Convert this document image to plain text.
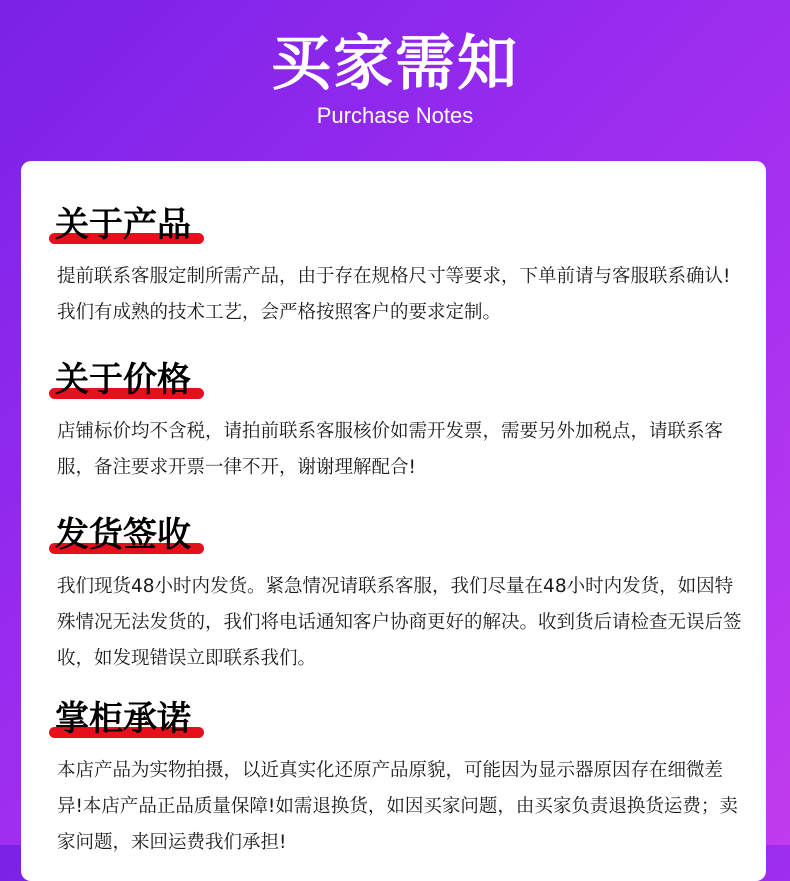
买家需知
Purchase Notes
关于产品
提前联系客服定制所需产品，由于存在规格尺寸等要求，下单前请与客服联系确认!我们有成熟的技术工艺，会严格按照客户的要求定制。
关于价格
店铺标价均不含税，请拍前联系客服核价如需开发票，需要另外加税点，请联系客服，备注要求开票一律不开，谢谢理解配合!
发货签收
我们现货48小时内发货。紧急情况请联系客服，我们尽量在48小时内发货，如因特殊情况无法发货的，我们将电话通知客户协商更好的解决。收到货后请检查无误后签收，如发现错误立即联系我们。
掌柜承诺
本店产品为实物拍摄，以近真实化还原产品原貌，可能因为显示器原因存在细微差异!本店产品正品质量保障!如需退换货，如因买家问题，由买家负责退换货运费；卖家问题，来回运费我们承担!
